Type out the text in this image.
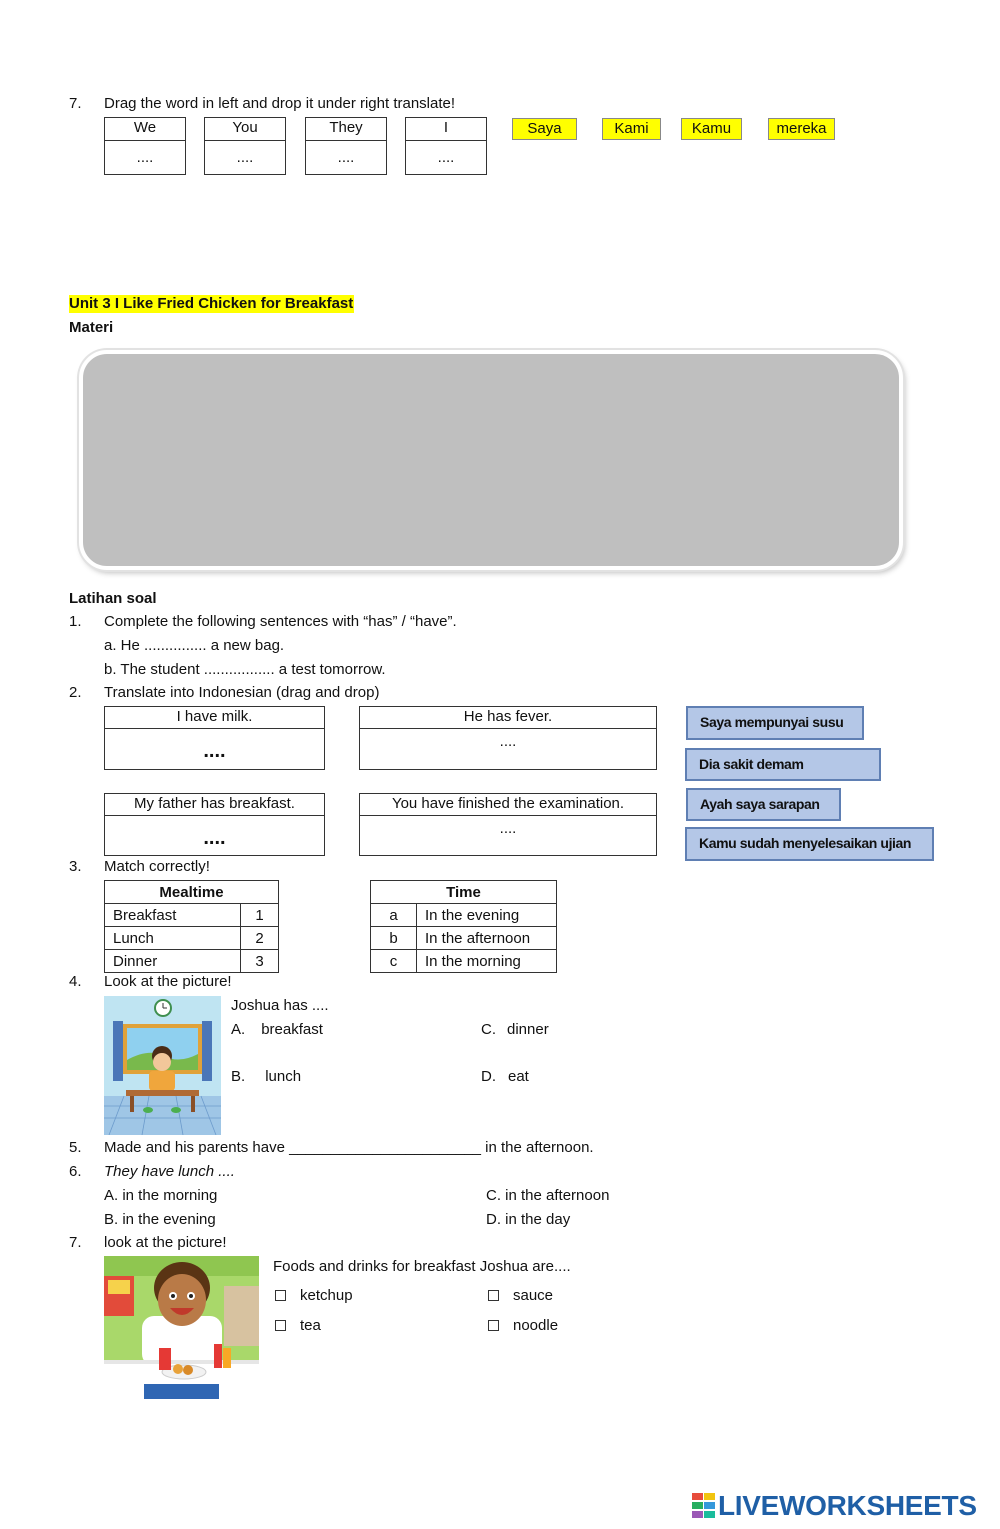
7. Drag the word in left and drop it under right translate!
We
....
You
....
They
....
I
....
Saya	Kami	Kamu	mereka
Unit 3 I Like Fried Chicken for Breakfast
Materi
Latihan soal
1. Complete the following sentences with “has” / “have”.
a. He ............... a new bag.
b. The student ................. a test tomorrow.
2. Translate into Indonesian (drag and drop)
I have milk.
....
He has fever.
....
My father has breakfast.
....
You have finished the examination.
....
Saya mempunyai susu
Dia sakit demam
Ayah saya sarapan
Kamu sudah menyelesaikan ujian
3. Match correctly!
Mealtime	
Breakfast	1
Lunch	2
Dinner	3
Time	
a	In the evening
b	In the afternoon
c	In the morning
4. Look at the picture!
Joshua has ....
A. breakfast	C. dinner
B. lunch	D. eat
5. Made and his parents have _______________________ in the afternoon.
6. They have lunch ....
A. in the morning	C. in the afternoon
B. in the evening	D. in the day
7. look at the picture!
Foods and drinks for breakfast Joshua are....
ketchup	sauce
tea	noodle
LIVEWORKSHEETS
